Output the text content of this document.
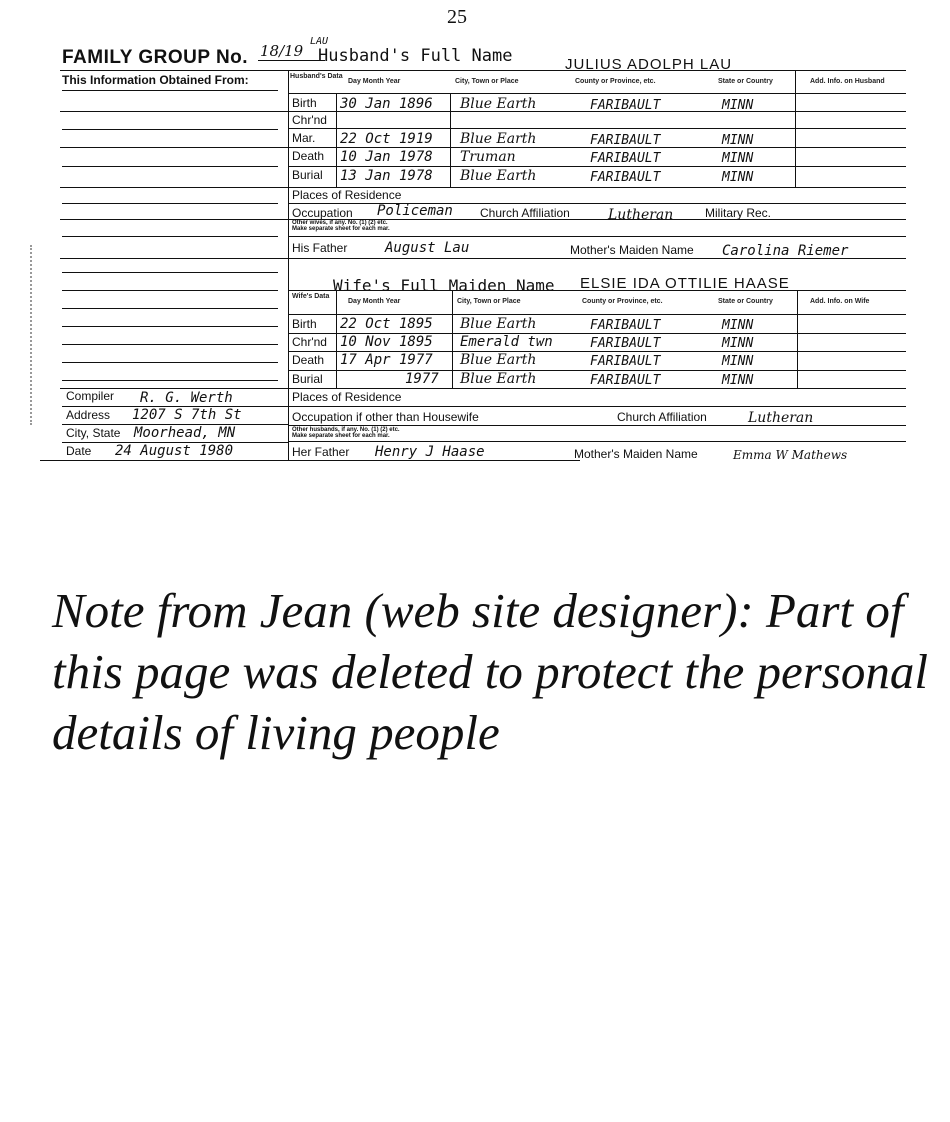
25
FAMILY GROUP No. 18/19
LAU
Husband's Full Name	JULIUS ADOLPH LAU
This Information Obtained From:	Husband's Data
Day Month Year	City, Town or Place	County or Province, etc.	State or Country	Add. Info. on Husband
Birth 30 Jan 1896 Blue Earth	FARIBAULT	MINN
Chr'nd
Mar. 22 Oct 1919 Blue Earth	FARIBAULT	MINN
Death 10 Jan 1978 Truman	FARIBAULT	MINN
Burial 13 Jan 1978 Blue Earth	FARIBAULT	MINN
Places of Residence
Occupation Policeman Church Affiliation	Lutheran	Military Rec.
Other wives, if any. No. (1) (2) etc.
Make separate sheet for each mar.
His Father	August Lau	Mother's Maiden Name Carolina Riemer
Wife's Full Maiden Name ELSIE IDA OTTILIE HAASE
Wife's Data
Day Month Year	City, Town or Place	County or Province, etc.	State or Country	Add. Info. on Wife
Birth 22 Oct 1895 Blue Earth	FARIBAULT	MINN
Chr'nd 10 Nov 1895 Emerald twn	FARIBAULT	MINN
Death 17 Apr 1977 Blue Earth	FARIBAULT	MINN
Burial	1977 Blue Earth	FARIBAULT	MINN
Places of Residence
Occupation if other than Housewife	Church Affiliation	Lutheran
Other husbands, if any. No. (1) (2) etc.
Make separate sheet for each mar.
Her Father Henry J Haase	Mother's Maiden Name	Emma W Mathews
Compiler R. G. Werth
Address 1207 S 7th St
City, State Moorhead, MN
Date 24 August 1980
Note from Jean (web site designer): Part of this page was deleted to protect the personal details of living people
